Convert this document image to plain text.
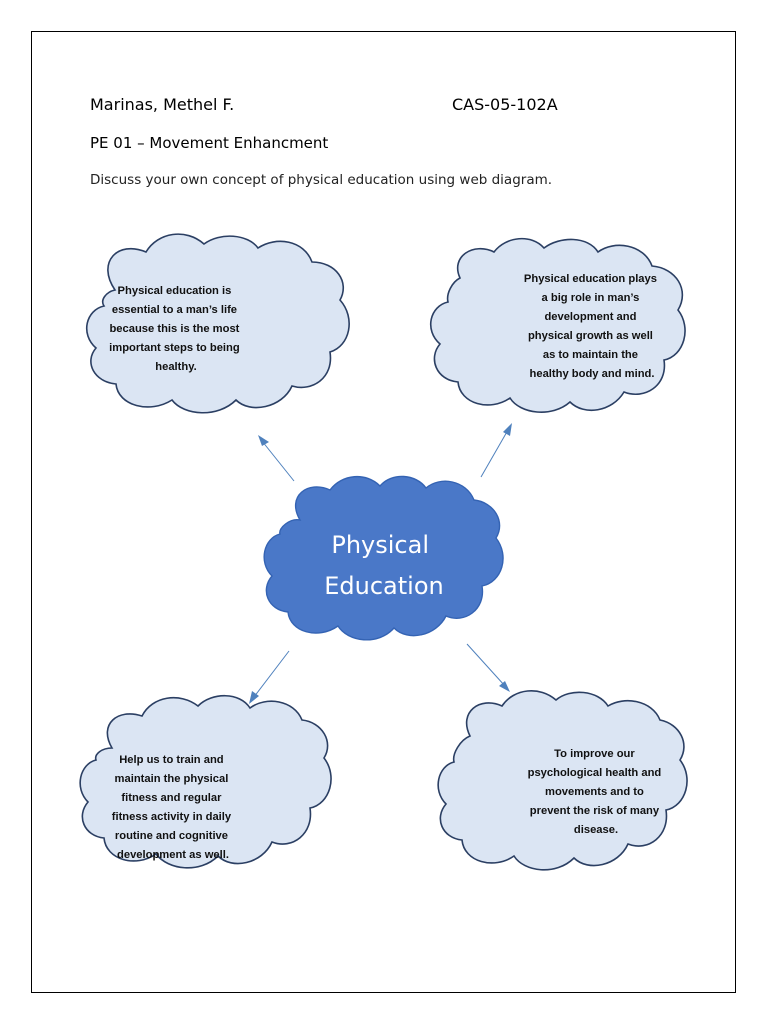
Marinas, Methel F.	CAS-05-102A
PE 01 – Movement Enhancment
Discuss your own concept of physical education using web diagram.
Physical Education
Physical education is essential to a man’s life because this is the most important steps to being healthy.
Physical education plays a big role in man’s development and physical growth as well as to maintain the healthy body and mind.
Help us to train and maintain the physical fitness and regular fitness activity in daily routine and cognitive development as well.
To improve our psychological health and movements and to prevent the risk of many disease.
